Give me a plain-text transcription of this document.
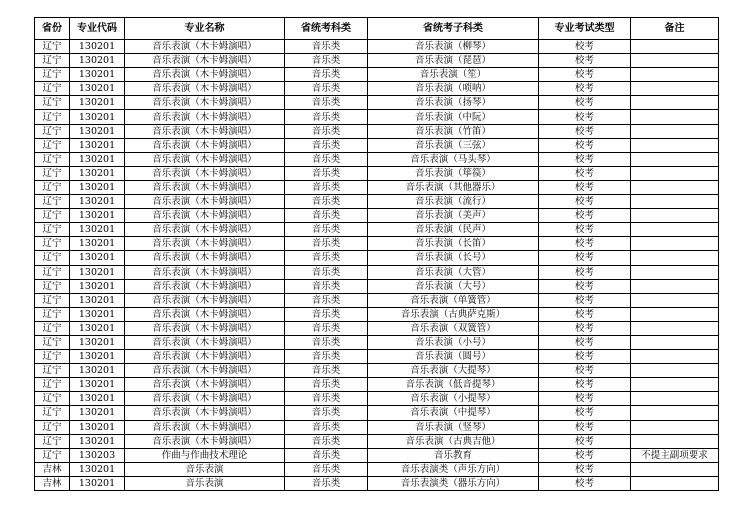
省份	专业代码	专业名称	省统考科类	省统考子科类	专业考试类型	备注
辽宁	130201	音乐表演（木卡姆演唱）	音乐类	音乐表演（柳琴）	校考	
辽宁	130201	音乐表演（木卡姆演唱）	音乐类	音乐表演（琵琶）	校考	
辽宁	130201	音乐表演（木卡姆演唱）	音乐类	音乐表演（笙）	校考	
辽宁	130201	音乐表演（木卡姆演唱）	音乐类	音乐表演（唢呐）	校考	
辽宁	130201	音乐表演（木卡姆演唱）	音乐类	音乐表演（扬琴）	校考	
辽宁	130201	音乐表演（木卡姆演唱）	音乐类	音乐表演（中阮）	校考	
辽宁	130201	音乐表演（木卡姆演唱）	音乐类	音乐表演（竹笛）	校考	
辽宁	130201	音乐表演（木卡姆演唱）	音乐类	音乐表演（三弦）	校考	
辽宁	130201	音乐表演（木卡姆演唱）	音乐类	音乐表演（马头琴）	校考	
辽宁	130201	音乐表演（木卡姆演唱）	音乐类	音乐表演（筚篌）	校考	
辽宁	130201	音乐表演（木卡姆演唱）	音乐类	音乐表演（其他器乐）	校考	
辽宁	130201	音乐表演（木卡姆演唱）	音乐类	音乐表演（流行）	校考	
辽宁	130201	音乐表演（木卡姆演唱）	音乐类	音乐表演（美声）	校考	
辽宁	130201	音乐表演（木卡姆演唱）	音乐类	音乐表演（民声）	校考	
辽宁	130201	音乐表演（木卡姆演唱）	音乐类	音乐表演（长笛）	校考	
辽宁	130201	音乐表演（木卡姆演唱）	音乐类	音乐表演（长号）	校考	
辽宁	130201	音乐表演（木卡姆演唱）	音乐类	音乐表演（大管）	校考	
辽宁	130201	音乐表演（木卡姆演唱）	音乐类	音乐表演（大号）	校考	
辽宁	130201	音乐表演（木卡姆演唱）	音乐类	音乐表演（单簧管）	校考	
辽宁	130201	音乐表演（木卡姆演唱）	音乐类	音乐表演（古典萨克斯）	校考	
辽宁	130201	音乐表演（木卡姆演唱）	音乐类	音乐表演（双簧管）	校考	
辽宁	130201	音乐表演（木卡姆演唱）	音乐类	音乐表演（小号）	校考	
辽宁	130201	音乐表演（木卡姆演唱）	音乐类	音乐表演（圆号）	校考	
辽宁	130201	音乐表演（木卡姆演唱）	音乐类	音乐表演（大提琴）	校考	
辽宁	130201	音乐表演（木卡姆演唱）	音乐类	音乐表演（低音提琴）	校考	
辽宁	130201	音乐表演（木卡姆演唱）	音乐类	音乐表演（小提琴）	校考	
辽宁	130201	音乐表演（木卡姆演唱）	音乐类	音乐表演（中提琴）	校考	
辽宁	130201	音乐表演（木卡姆演唱）	音乐类	音乐表演（竖琴）	校考	
辽宁	130201	音乐表演（木卡姆演唱）	音乐类	音乐表演（古典吉他）	校考	
辽宁	130203	作曲与作曲技术理论	音乐类	音乐教育	校考	不提主副项要求
吉林	130201	音乐表演	音乐类	音乐表演类（声乐方向）	校考	
吉林	130201	音乐表演	音乐类	音乐表演类（器乐方向）	校考	
